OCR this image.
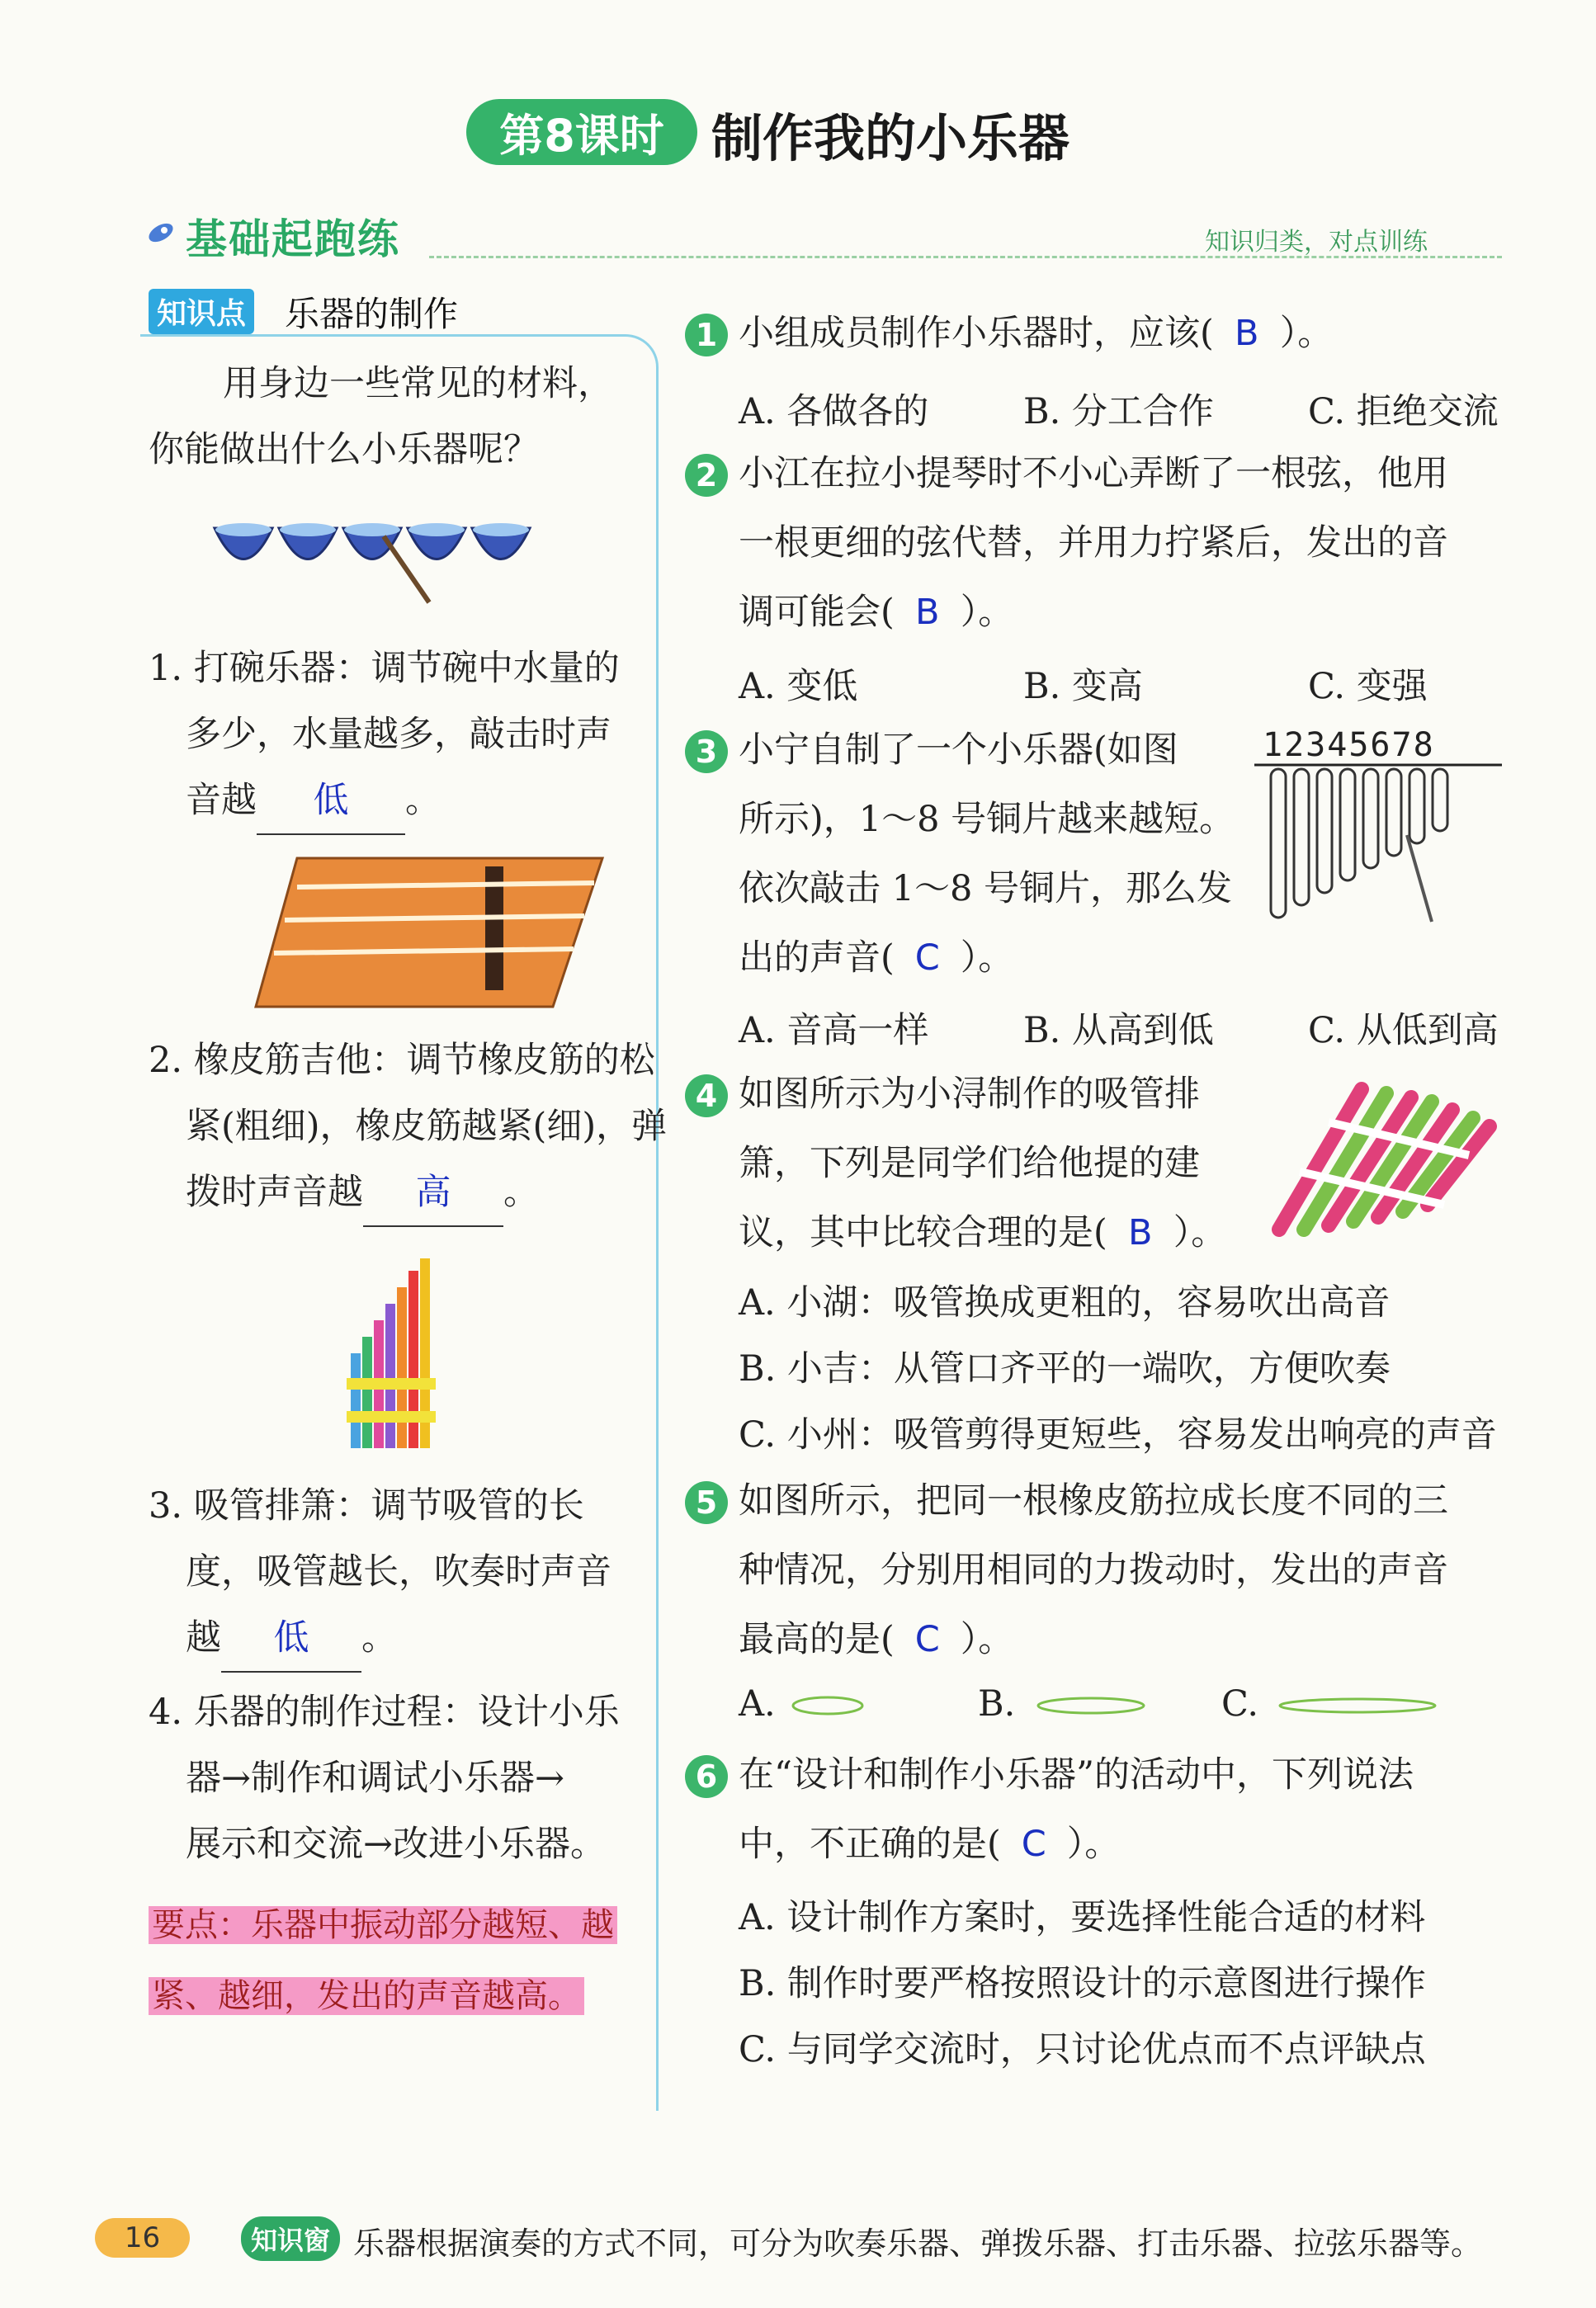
第8课时 制作我的小乐器
基础起跑练	知识归类，对点训练
知识点 乐器的制作
用身边一些常见的材料，
你能做出什么小乐器呢？
1. 打碗乐器：调节碗中水量的
多少，水量越多，敲击时声
音越 低 。
2. 橡皮筋吉他：调节橡皮筋的松
紧(粗细)，橡皮筋越紧(细)，弹
拨时声音越 高 。
3. 吸管排箫：调节吸管的长
度，吸管越长，吹奏时声音
越 低 。
4. 乐器的制作过程：设计小乐
器→制作和调试小乐器→
展示和交流→改进小乐器。
要点：乐器中振动部分越短、越
紧、越细，发出的声音越高。
1 小组成员制作小乐器时，应该( B ）。
A. 各做各的	B. 分工合作	C. 拒绝交流
2 小江在拉小提琴时不小心弄断了一根弦，他用
一根更细的弦代替，并用力拧紧后，发出的音
调可能会( B ）。
A. 变低	B. 变高	C. 变强
3 小宁自制了一个小乐器(如图
所示)，1～8 号铜片越来越短。
依次敲击 1～8 号铜片，那么发
出的声音( C ）。
12345678
A. 音高一样	B. 从高到低	C. 从低到高
4 如图所示为小浔制作的吸管排
箫，下列是同学们给他提的建
议，其中比较合理的是( B ）。
A. 小湖：吸管换成更粗的，容易吹出高音
B. 小吉：从管口齐平的一端吹，方便吹奏
C. 小州：吸管剪得更短些，容易发出响亮的声音
5 如图所示，把同一根橡皮筋拉成长度不同的三
种情况，分别用相同的力拨动时，发出的声音
最高的是( C ）。
A.	B.	C.
6 在“设计和制作小乐器”的活动中，下列说法
中，不正确的是( C ）。
A. 设计制作方案时，要选择性能合适的材料
B. 制作时要严格按照设计的示意图进行操作
C. 与同学交流时，只讨论优点而不点评缺点
16	知识窗 乐器根据演奏的方式不同，可分为吹奏乐器、弹拨乐器、打击乐器、拉弦乐器等。
